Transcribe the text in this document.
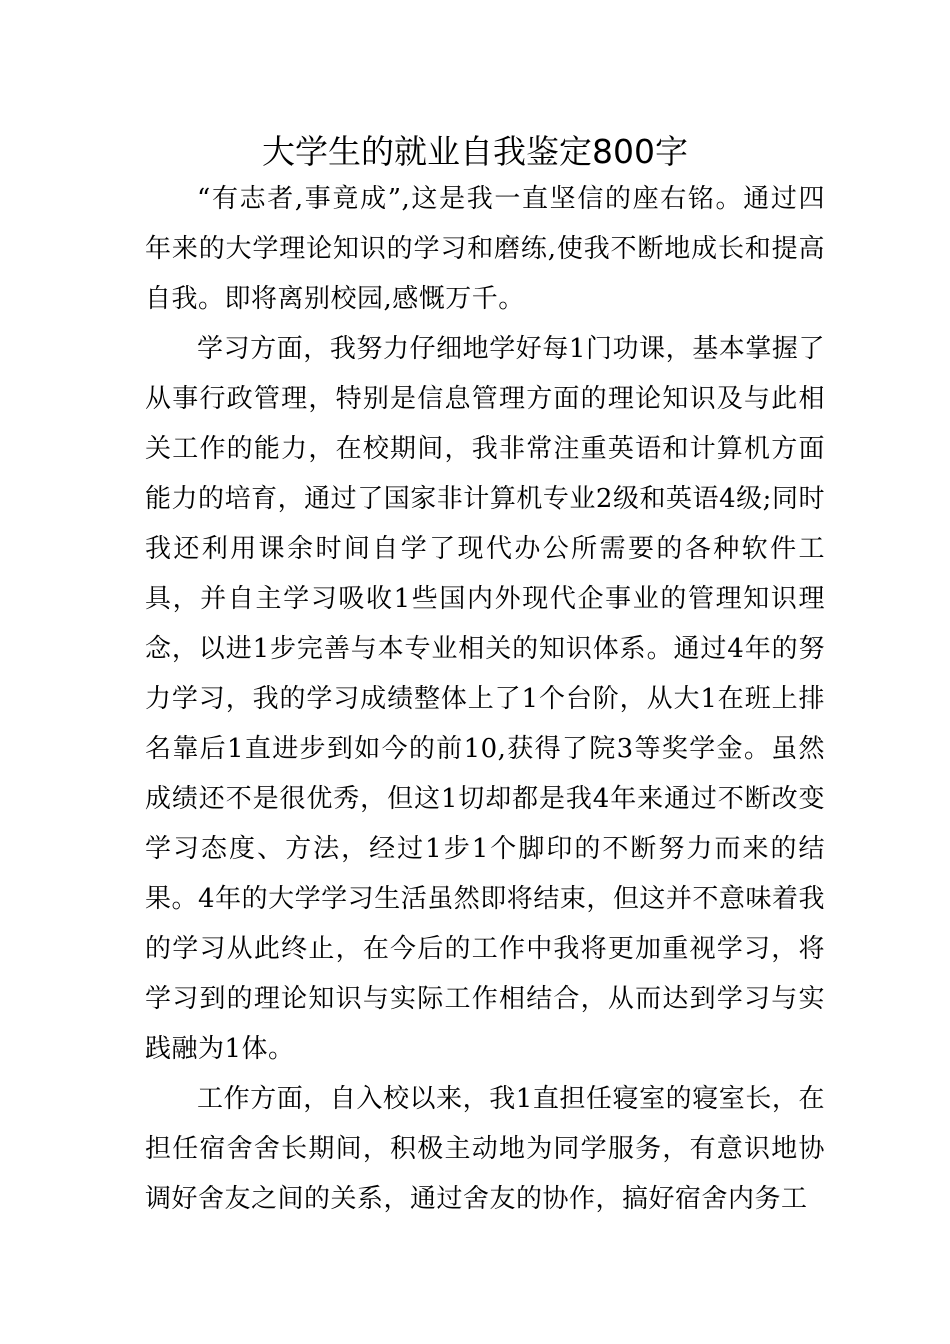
大学生的就业自我鉴定800字

“有志者,事竟成”,这是我一直坚信的座右铭。通过四年来的大学理论知识的学习和磨练,使我不断地成长和提高自我。即将离别校园,感慨万千。

学习方面，我努力仔细地学好每1门功课，基本掌握了从事行政管理，特别是信息管理方面的理论知识及与此相关工作的能力，在校期间，我非常注重英语和计算机方面能力的培育，通过了国家非计算机专业2级和英语4级;同时我还利用课余时间自学了现代办公所需要的各种软件工具，并自主学习吸收1些国内外现代企事业的管理知识理念，以进1步完善与本专业相关的知识体系。通过4年的努力学习，我的学习成绩整体上了1个台阶，从大1在班上排名靠后1直进步到如今的前10,获得了院3等奖学金。虽然成绩还不是很优秀，但这1切却都是我4年来通过不断改变学习态度、方法，经过1步1个脚印的不断努力而来的结果。4年的大学学习生活虽然即将结束，但这并不意味着我的学习从此终止，在今后的工作中我将更加重视学习，将学习到的理论知识与实际工作相结合，从而达到学习与实践融为1体。

工作方面，自入校以来，我1直担任寝室的寝室长，在担任宿舍舍长期间，积极主动地为同学服务，有意识地协调好舍友之间的关系，通过舍友的协作，搞好宿舍内务工
